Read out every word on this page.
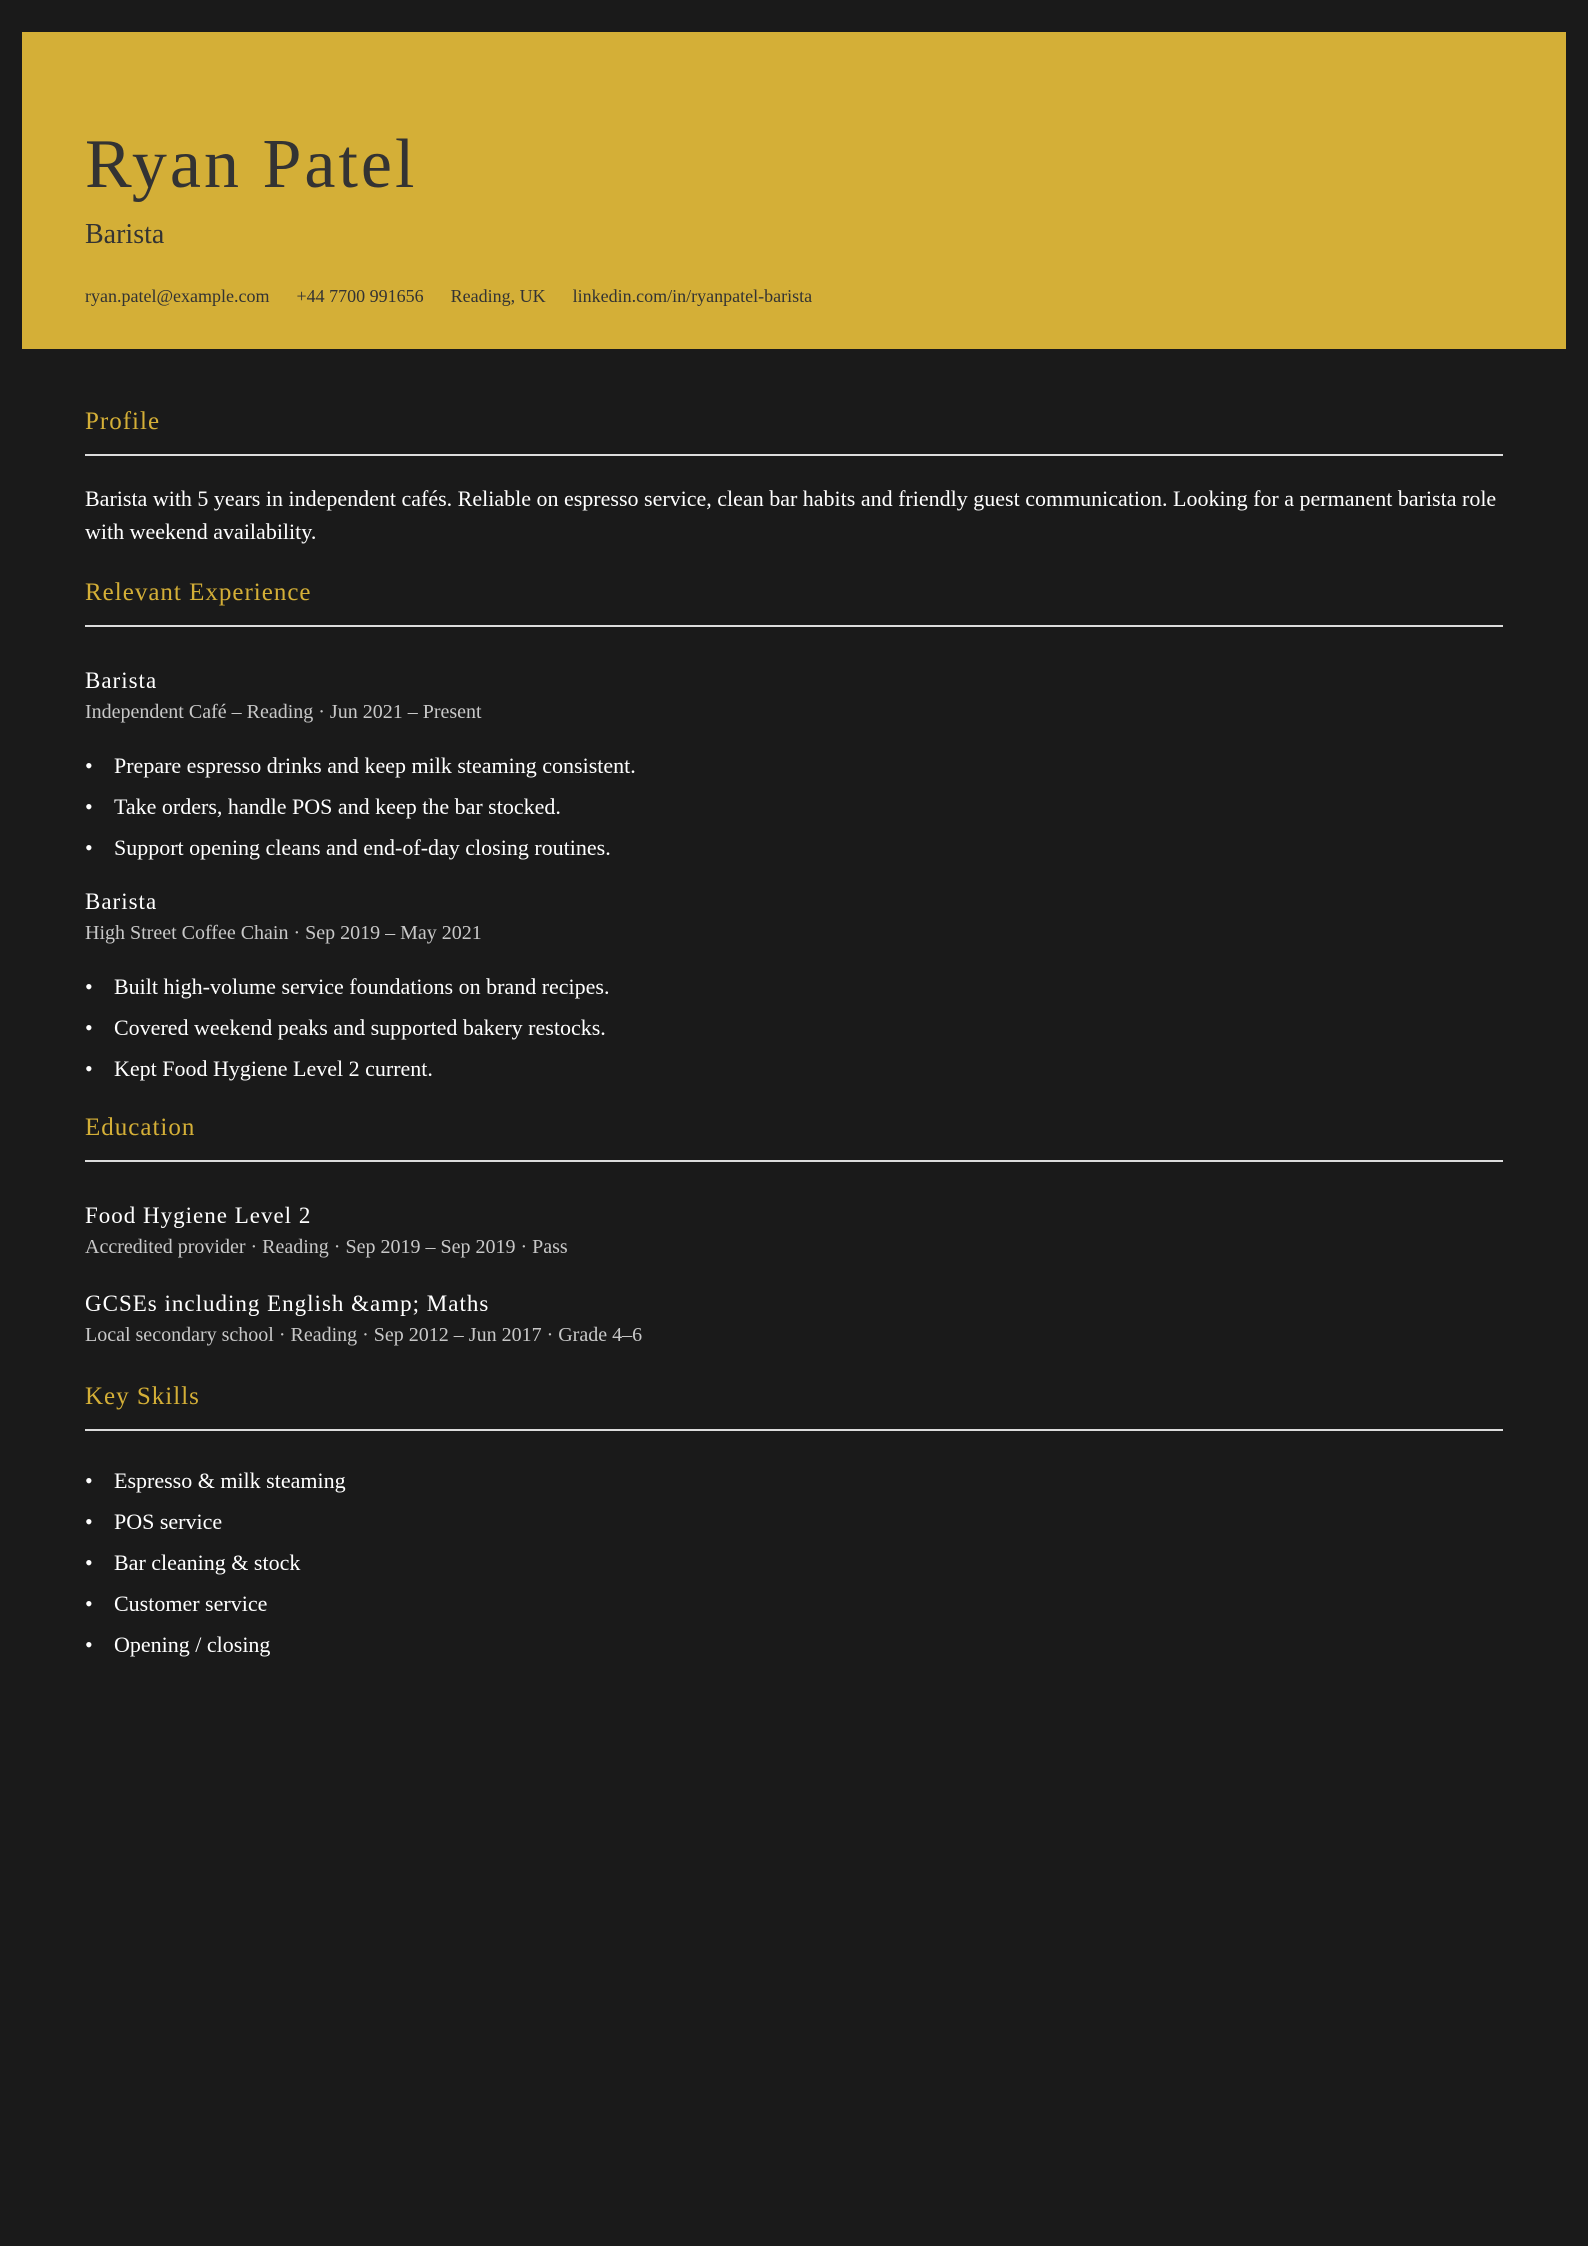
Ryan Patel
Barista
ryan.patel@example.com +44 7700 991656 Reading, UK linkedin.com/in/ryanpatel-barista
Profile

Barista with 5 years in independent cafés. Reliable on espresso service, clean bar habits and friendly guest communication. Looking for a permanent barista role with weekend availability.

Relevant Experience
Barista

Independent Café – Reading · Jun 2021 – Present

• Prepare espresso drinks and keep milk steaming consistent.
• Take orders, handle POS and keep the bar stocked.
• Support opening cleans and end-of-day closing routines.
Barista

High Street Coffee Chain · Sep 2019 – May 2021

• Built high-volume service foundations on brand recipes.
• Covered weekend peaks and supported bakery restocks.
• Kept Food Hygiene Level 2 current.
Education
Food Hygiene Level 2

Accredited provider · Reading · Sep 2019 – Sep 2019 · Pass

GCSEs including English &amp; Maths

Local secondary school · Reading · Sep 2012 – Jun 2017 · Grade 4–6

Key Skills
• Espresso & milk steaming
• POS service
• Bar cleaning & stock
• Customer service
• Opening / closing
